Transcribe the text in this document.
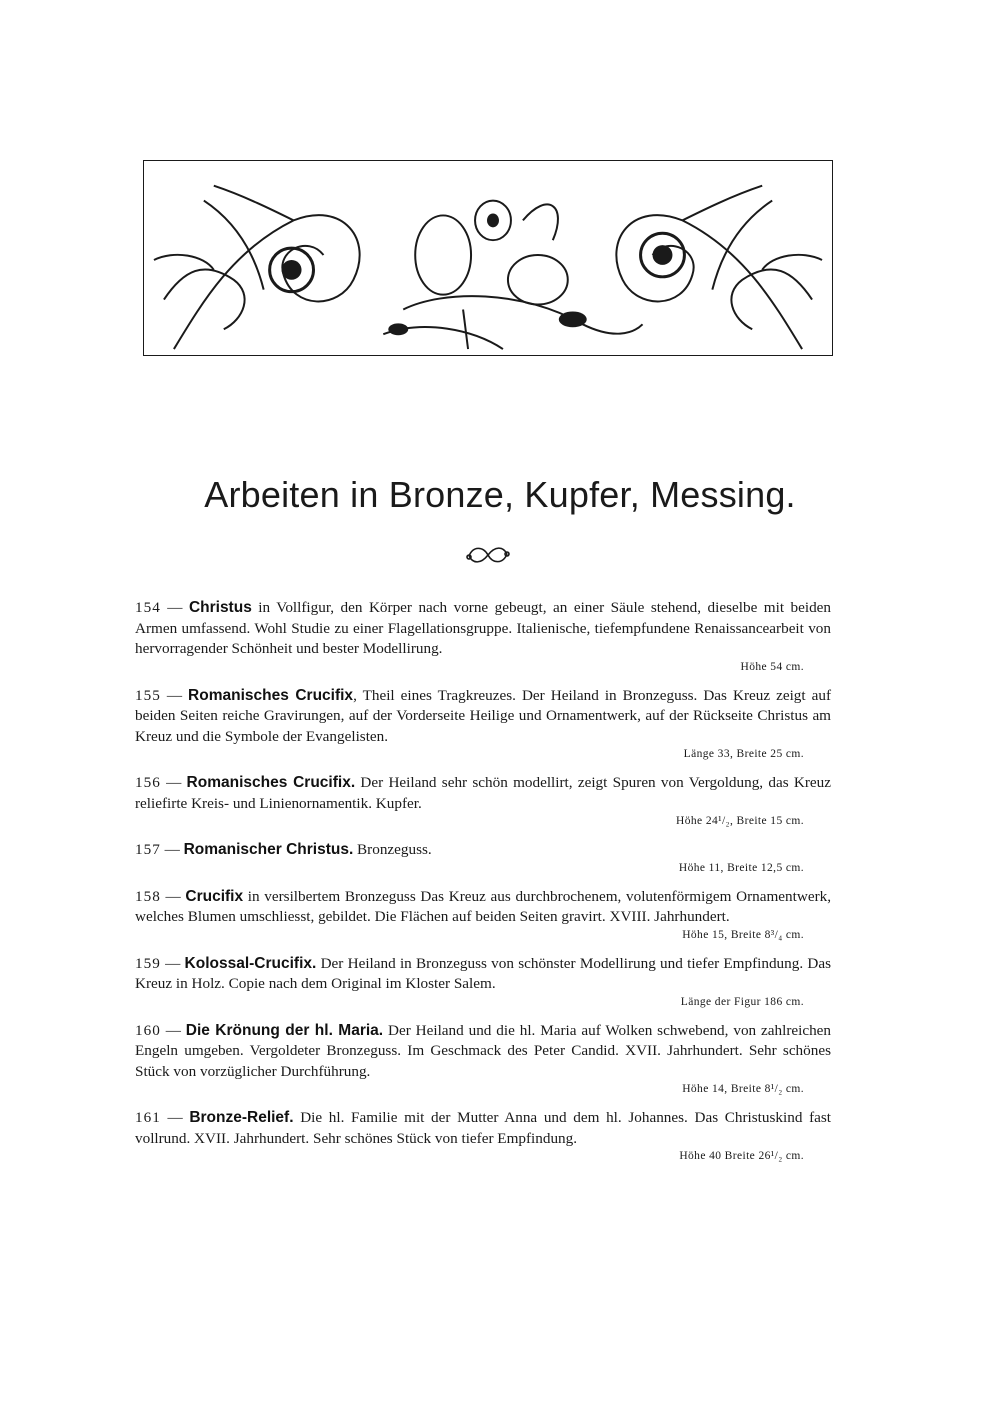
Arbeiten in Bronze, Kupfer, Messing.

154 — Christus in Vollfigur, den Körper nach vorne gebeugt, an einer Säule stehend, dieselbe mit beiden Armen umfassend. Wohl Studie zu einer Flagellationsgruppe. Italienische, tiefempfundene Renaissancearbeit von hervorragender Schönheit und bester Modellirung.

Höhe 54 cm.

155 — Romanisches Crucifix, Theil eines Tragkreuzes. Der Heiland in Bronzeguss. Das Kreuz zeigt auf beiden Seiten reiche Gravirungen, auf der Vorderseite Heilige und Ornamentwerk, auf der Rückseite Christus am Kreuz und die Symbole der Evangelisten.

Länge 33, Breite 25 cm.

156 — Romanisches Crucifix. Der Heiland sehr schön modellirt, zeigt Spuren von Vergoldung, das Kreuz reliefirte Kreis- und Linienornamentik. Kupfer.

Höhe 24¹/₂, Breite 15 cm.

157 — Romanischer Christus. Bronzeguss.

Höhe 11, Breite 12,5 cm.

158 — Crucifix in versilbertem Bronzeguss Das Kreuz aus durchbrochenem, volutenförmigem Ornamentwerk, welches Blumen umschliesst, gebildet. Die Flächen auf beiden Seiten gravirt. XVIII. Jahrhundert.

Höhe 15, Breite 8³/₄ cm.

159 — Kolossal-Crucifix. Der Heiland in Bronzeguss von schönster Modellirung und tiefer Empfindung. Das Kreuz in Holz. Copie nach dem Original im Kloster Salem.

Länge der Figur 186 cm.

160 — Die Krönung der hl. Maria. Der Heiland und die hl. Maria auf Wolken schwebend, von zahlreichen Engeln umgeben. Vergoldeter Bronzeguss. Im Geschmack des Peter Candid. XVII. Jahrhundert. Sehr schönes Stück von vorzüglicher Durchführung.

Höhe 14, Breite 8¹/₂ cm.

161 — Bronze-Relief. Die hl. Familie mit der Mutter Anna und dem hl. Johannes. Das Christuskind fast vollrund. XVII. Jahrhundert. Sehr schönes Stück von tiefer Empfindung.

Höhe 40 Breite 26¹/₂ cm.
